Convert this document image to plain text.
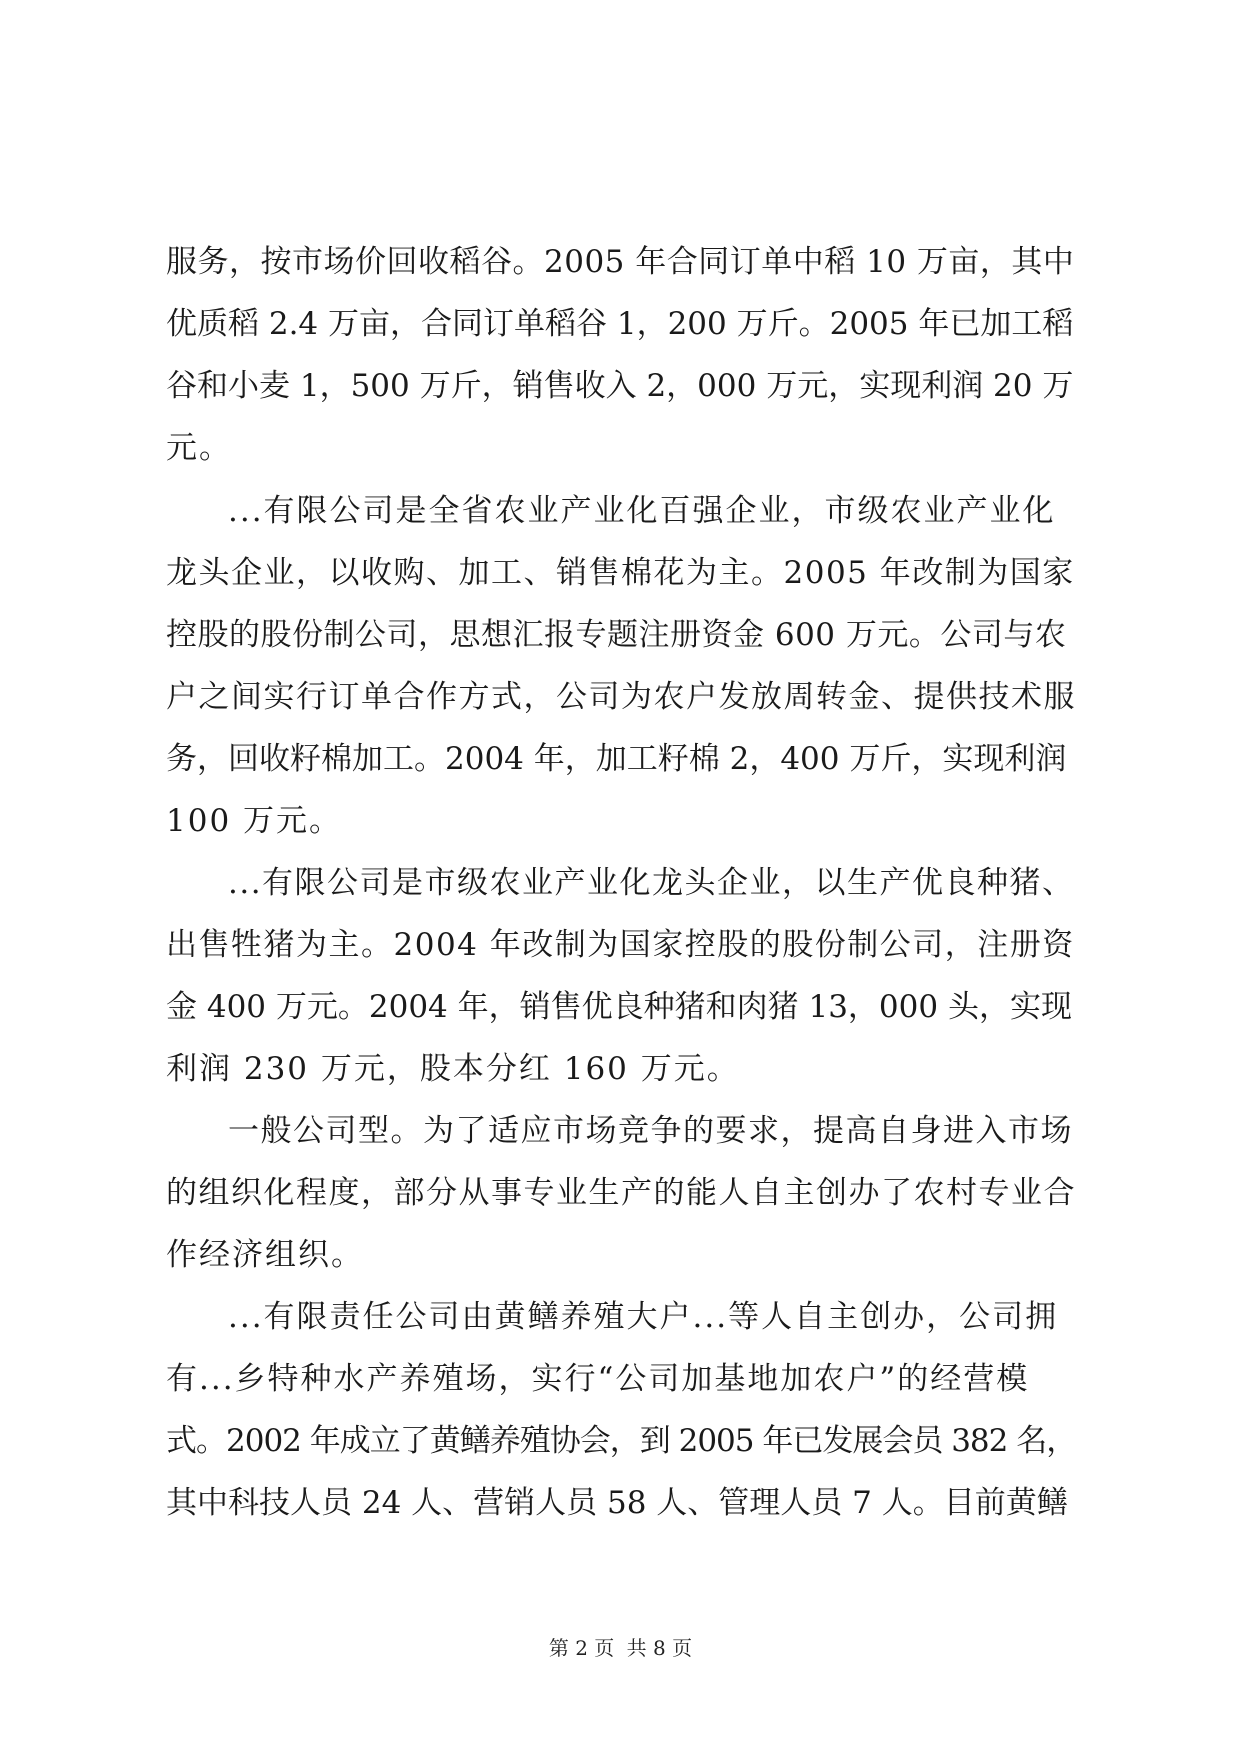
服务，按市场价回收稻谷。2005 年合同订单中稻 10 万亩，其中
优质稻 2.4 万亩，合同订单稻谷 1，200 万斤。2005 年已加工稻
谷和小麦 1，500 万斤，销售收入 2，000 万元，实现利润 20 万
元。
...有限公司是全省农业产业化百强企业，市级农业产业化
龙头企业，以收购、加工、销售棉花为主。2005 年改制为国家
控股的股份制公司，思想汇报专题注册资金 600 万元。公司与农
户之间实行订单合作方式，公司为农户发放周转金、提供技术服
务，回收籽棉加工。2004 年，加工籽棉 2，400 万斤，实现利润
100 万元。
...有限公司是市级农业产业化龙头企业，以生产优良种猪、
出售牲猪为主。2004 年改制为国家控股的股份制公司，注册资
金 400 万元。2004 年，销售优良种猪和肉猪 13，000 头，实现
利润 230 万元，股本分红 160 万元。
一般公司型。为了适应市场竞争的要求，提高自身进入市场
的组织化程度，部分从事专业生产的能人自主创办了农村专业合
作经济组织。
...有限责任公司由黄鳝养殖大户...等人自主创办，公司拥
有...乡特种水产养殖场，实行“公司加基地加农户”的经营模
式。2002 年成立了黄鳝养殖协会，到 2005 年已发展会员 382 名，
其中科技人员 24 人、营销人员 58 人、管理人员 7 人。目前黄鳝
第 2 页 共 8 页
